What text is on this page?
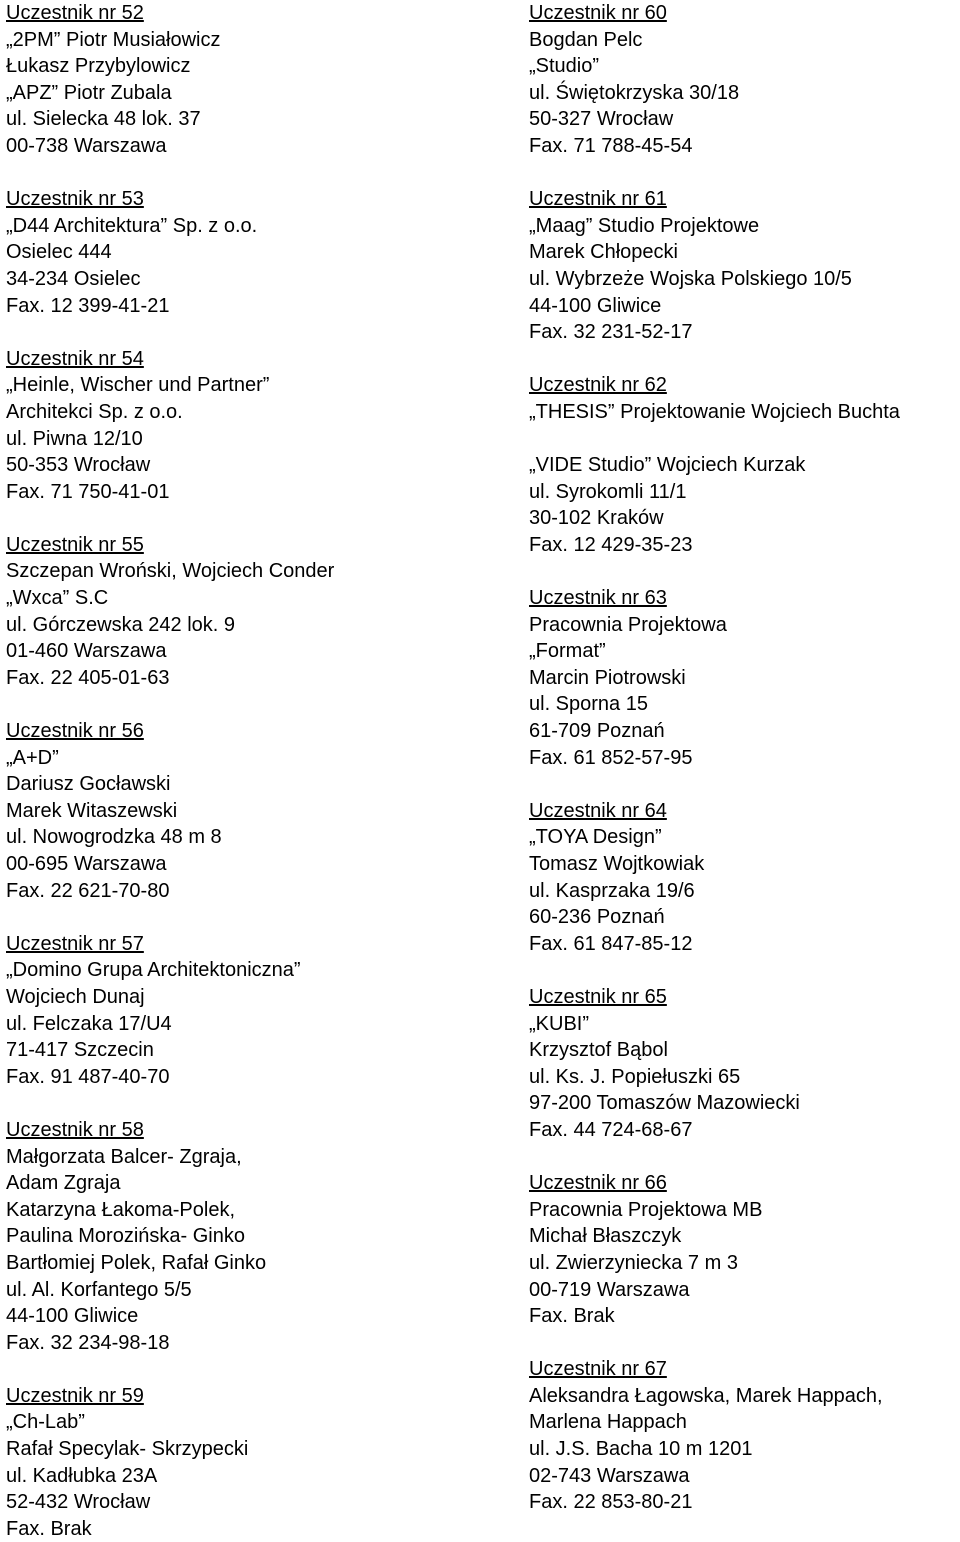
Uczestnik nr 52
„2PM” Piotr Musiałowicz
Łukasz Przybylowicz
„APZ” Piotr Zubala
ul. Sielecka 48 lok. 37
00-738 Warszawa
Uczestnik nr 53
„D44 Architektura” Sp. z o.o.
Osielec 444
34-234 Osielec
Fax. 12 399-41-21
Uczestnik nr 54
„Heinle, Wischer und Partner”
Architekci Sp. z o.o.
ul. Piwna 12/10
50-353 Wrocław
Fax. 71 750-41-01
Uczestnik nr 55
Szczepan Wroński, Wojciech Conder
„Wxca” S.C
ul. Górczewska 242 lok. 9
01-460 Warszawa
Fax. 22 405-01-63
Uczestnik nr 56
„A+D”
Dariusz Gocławski
Marek Witaszewski
ul. Nowogrodzka 48 m 8
00-695 Warszawa
Fax. 22 621-70-80
Uczestnik nr 57
„Domino Grupa Architektoniczna”
Wojciech Dunaj
ul. Felczaka 17/U4
71-417 Szczecin
Fax. 91 487-40-70
Uczestnik nr 58
Małgorzata Balcer- Zgraja,
Adam Zgraja
Katarzyna Łakoma-Polek,
Paulina Morozińska- Ginko
Bartłomiej Polek, Rafał Ginko
ul. Al. Korfantego 5/5
44-100 Gliwice
Fax. 32 234-98-18
Uczestnik nr 59
„Ch-Lab”
Rafał Specylak- Skrzypecki
ul. Kadłubka 23A
52-432 Wrocław
Fax. Brak
Uczestnik nr 60
Bogdan Pelc
„Studio”
ul. Świętokrzyska 30/18
50-327 Wrocław
Fax. 71 788-45-54
Uczestnik nr 61
„Maag” Studio Projektowe
Marek Chłopecki
ul. Wybrzeże Wojska Polskiego 10/5
44-100 Gliwice
Fax. 32 231-52-17
Uczestnik nr 62
„THESIS” Projektowanie Wojciech Buchta
„VIDE Studio” Wojciech Kurzak
ul. Syrokomli 11/1
30-102 Kraków
Fax. 12 429-35-23
Uczestnik nr 63
Pracownia Projektowa
„Format”
Marcin Piotrowski
ul. Sporna 15
61-709 Poznań
Fax. 61 852-57-95
Uczestnik nr 64
„TOYA Design”
Tomasz Wojtkowiak
ul. Kasprzaka 19/6
60-236 Poznań
Fax. 61 847-85-12
Uczestnik nr 65
„KUBI”
Krzysztof Bąbol
ul. Ks. J. Popiełuszki 65
97-200 Tomaszów Mazowiecki
Fax. 44 724-68-67
Uczestnik nr 66
Pracownia Projektowa MB
Michał Błaszczyk
ul. Zwierzyniecka 7 m 3
00-719 Warszawa
Fax. Brak
Uczestnik nr 67
Aleksandra Łagowska, Marek Happach,
Marlena Happach
ul. J.S. Bacha 10 m 1201
02-743 Warszawa
Fax. 22 853-80-21
